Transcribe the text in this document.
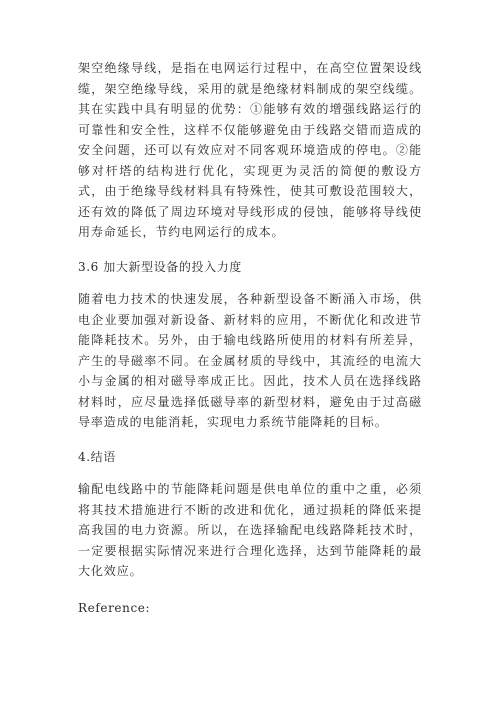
架空绝缘导线，是指在电网运行过程中，在高空位置架设线缆，架空绝缘导线，采用的就是绝缘材料制成的架空线缆。其在实践中具有明显的优势：①能够有效的增强线路运行的可靠性和安全性，这样不仅能够避免由于线路交错而造成的安全问题，还可以有效应对不同客观环境造成的停电。②能够对杆塔的结构进行优化，实现更为灵活的简便的敷设方式，由于绝缘导线材料具有特殊性，使其可敷设范围较大，还有效的降低了周边环境对导线形成的侵蚀，能够将导线使用寿命延长，节约电网运行的成本。

3.6 加大新型设备的投入力度

随着电力技术的快速发展，各种新型设备不断涌入市场，供电企业要加强对新设备、新材料的应用，不断优化和改进节能降耗技术。另外，由于输电线路所使用的材料有所差异，产生的导磁率不同。在金属材质的导线中，其流经的电流大小与金属的相对磁导率成正比。因此，技术人员在选择线路材料时，应尽量选择低磁导率的新型材料，避免由于过高磁导率造成的电能消耗，实现电力系统节能降耗的目标。

4.结语

输配电线路中的节能降耗问题是供电单位的重中之重，必须将其技术措施进行不断的改进和优化，通过损耗的降低来提高我国的电力资源。所以，在选择输配电线路降耗技术时，一定要根据实际情况来进行合理化选择，达到节能降耗的最大化效应。

Reference:
